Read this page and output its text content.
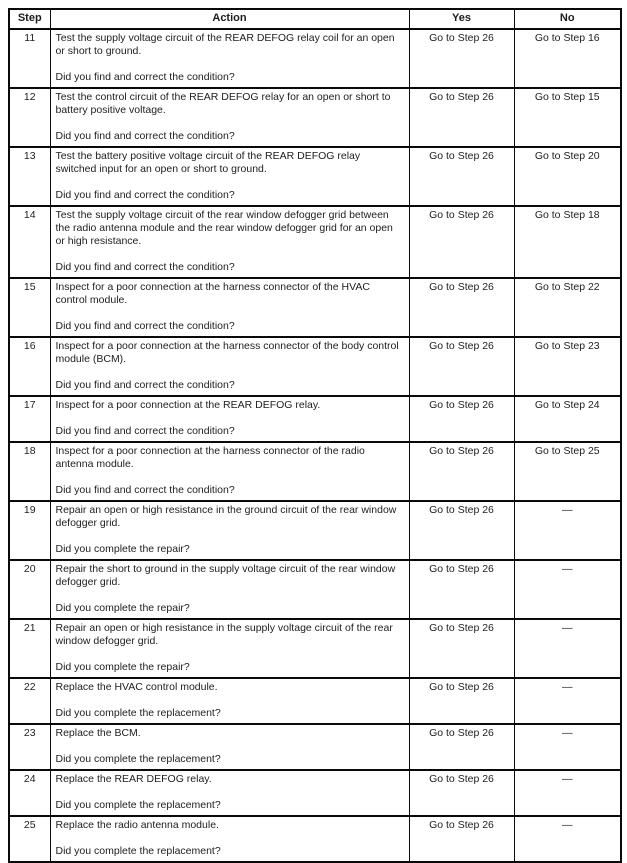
Step	Action	Yes	No
11	Test the supply voltage circuit of the REAR DEFOG relay coil for an open or short to ground.
Did you find and correct the condition?	Go to Step 26	Go to Step 16
12	Test the control circuit of the REAR DEFOG relay for an open or short to battery positive voltage.
Did you find and correct the condition?	Go to Step 26	Go to Step 15
13	Test the battery positive voltage circuit of the REAR DEFOG relay switched input for an open or short to ground.
Did you find and correct the condition?	Go to Step 26	Go to Step 20
14	Test the supply voltage circuit of the rear window defogger grid between the radio antenna module and the rear window defogger grid for an open or high resistance.
Did you find and correct the condition?	Go to Step 26	Go to Step 18
15	Inspect for a poor connection at the harness connector of the HVAC control module.
Did you find and correct the condition?	Go to Step 26	Go to Step 22
16	Inspect for a poor connection at the harness connector of the body control module (BCM).
Did you find and correct the condition?	Go to Step 26	Go to Step 23
17	Inspect for a poor connection at the REAR DEFOG relay.
Did you find and correct the condition?	Go to Step 26	Go to Step 24
18	Inspect for a poor connection at the harness connector of the radio antenna module.
Did you find and correct the condition?	Go to Step 26	Go to Step 25
19	Repair an open or high resistance in the ground circuit of the rear window defogger grid.
Did you complete the repair?	Go to Step 26	—
20	Repair the short to ground in the supply voltage circuit of the rear window defogger grid.
Did you complete the repair?	Go to Step 26	—
21	Repair an open or high resistance in the supply voltage circuit of the rear window defogger grid.
Did you complete the repair?	Go to Step 26	—
22	Replace the HVAC control module.
Did you complete the replacement?	Go to Step 26	—
23	Replace the BCM.
Did you complete the replacement?	Go to Step 26	—
24	Replace the REAR DEFOG relay.
Did you complete the replacement?	Go to Step 26	—
25	Replace the radio antenna module.
Did you complete the replacement?	Go to Step 26	—
